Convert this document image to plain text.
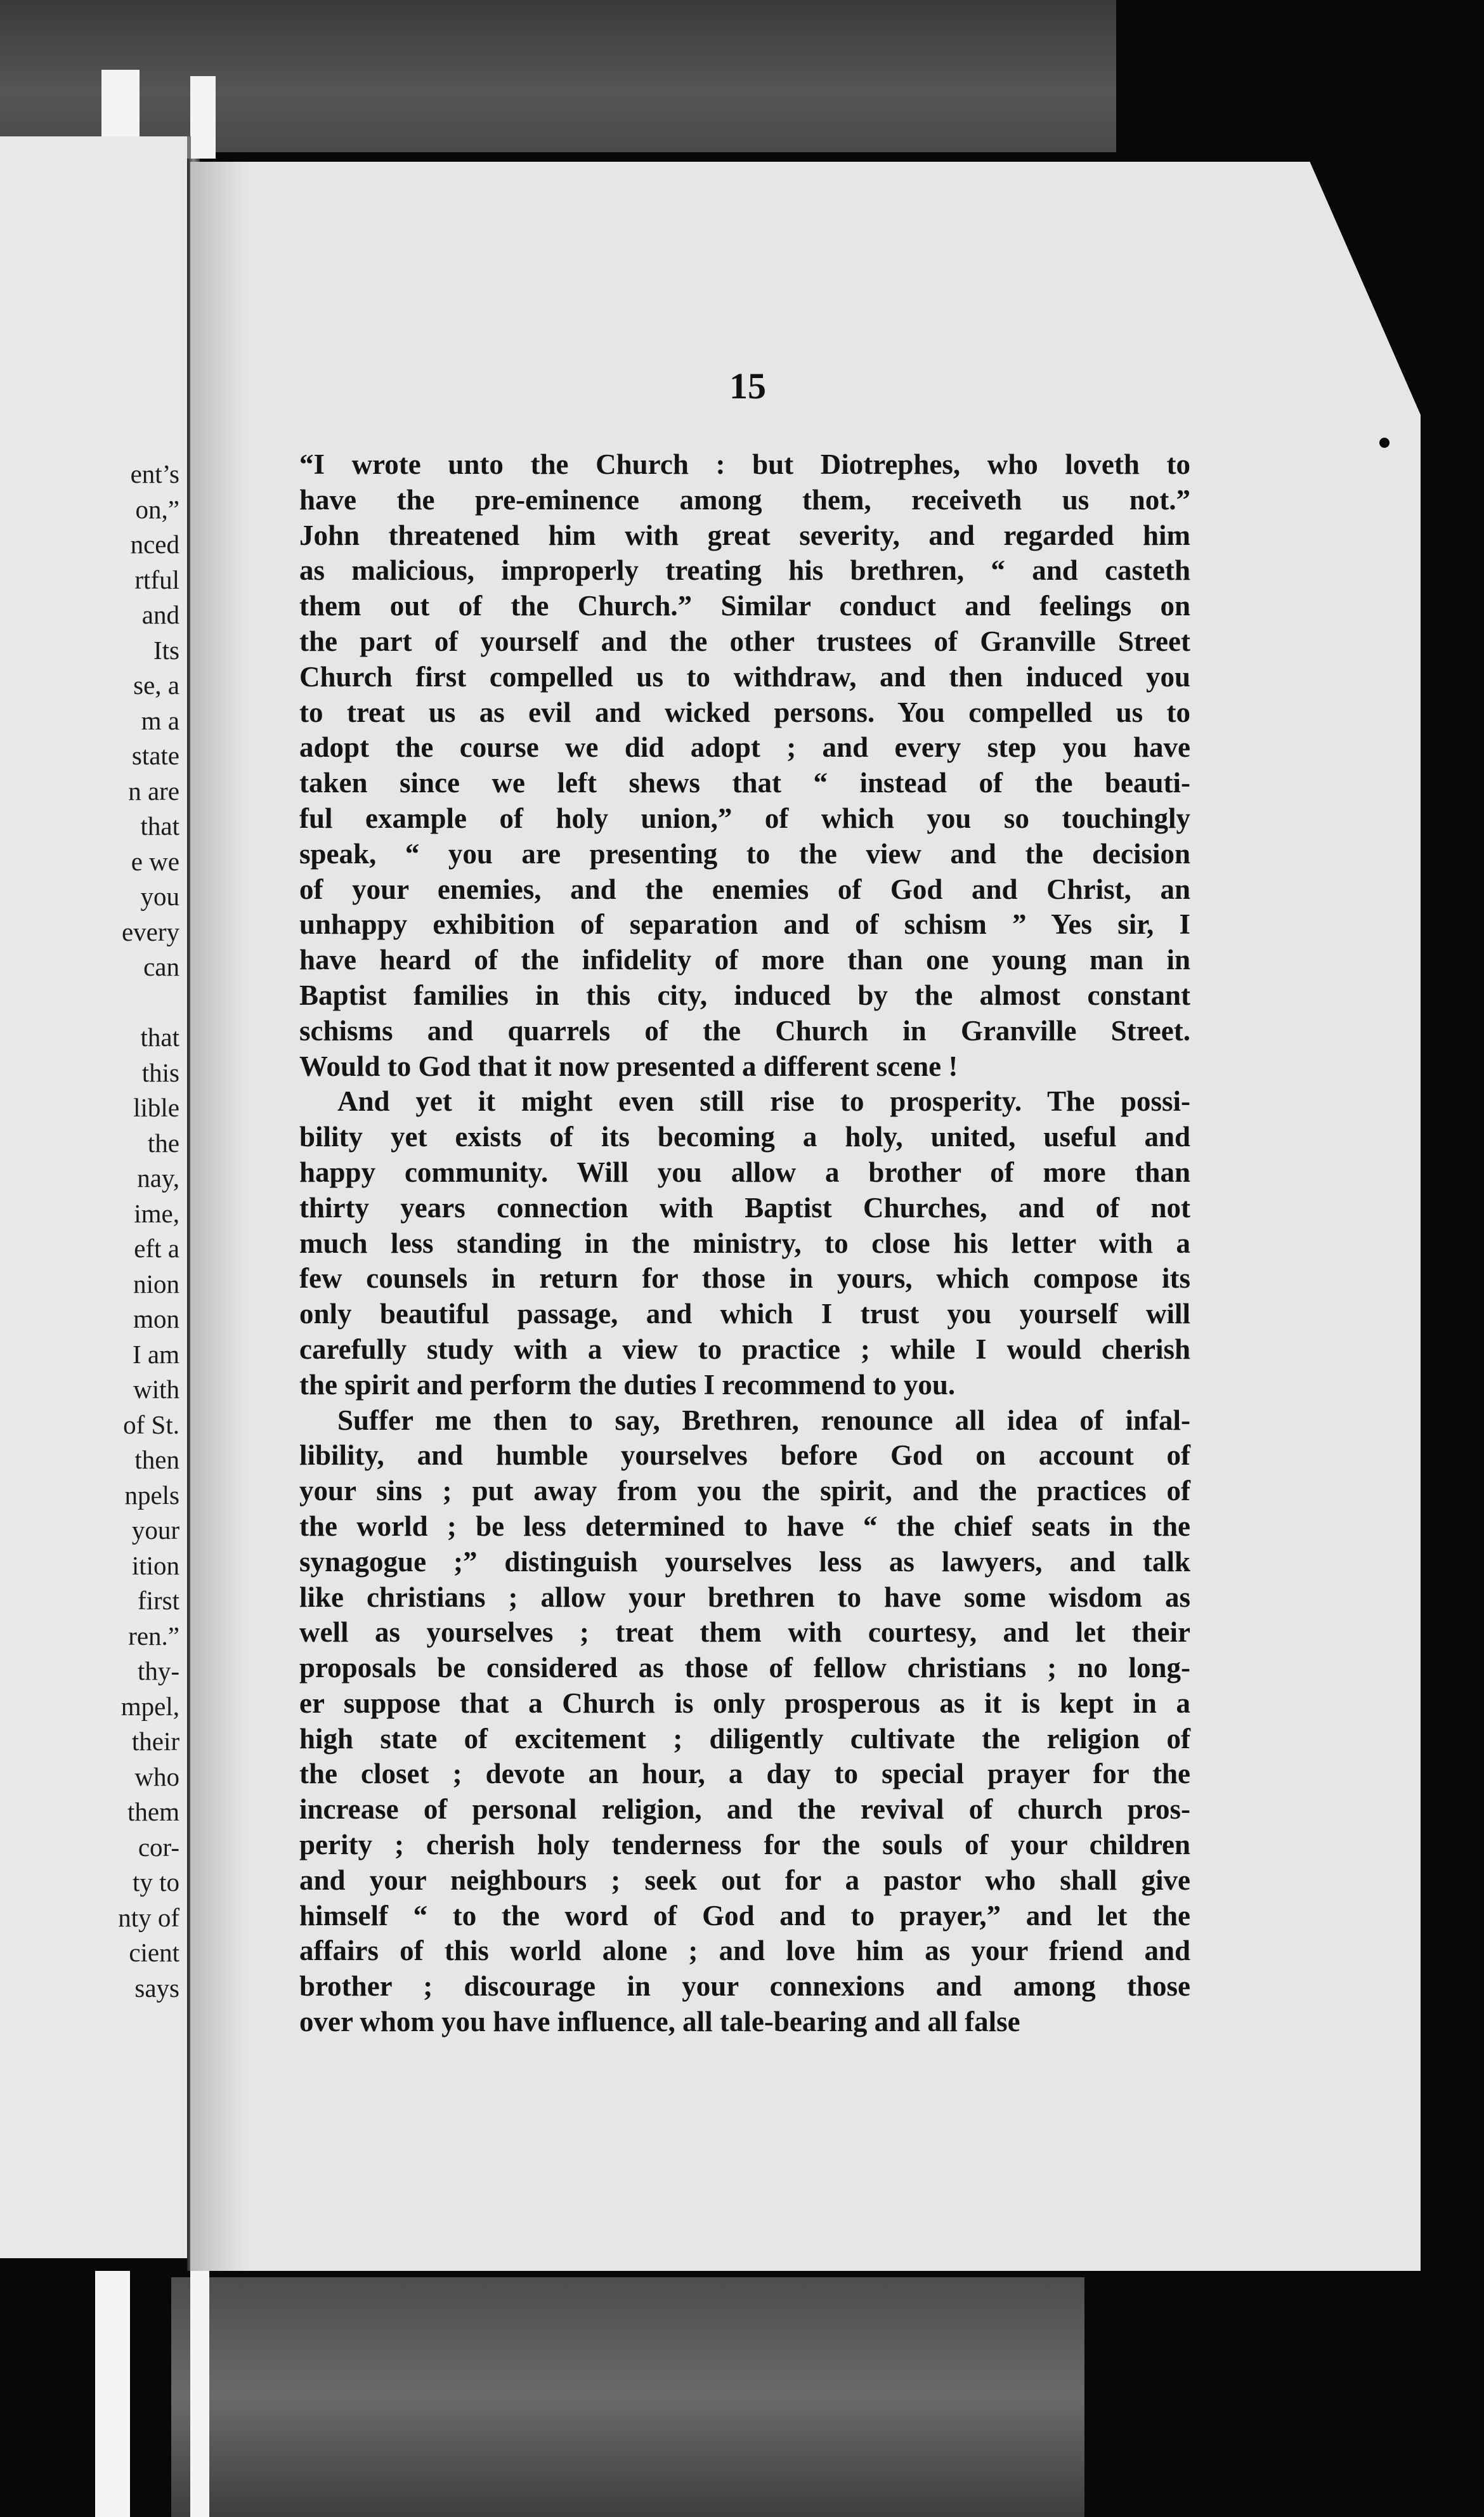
ent’s
on,”
nced
rtful
and
Its
se, a
m a
state
n are
that
e we
you
every
can
that
this
lible
the
nay,
ime,
eft a
nion
mon
I am
with
of St.
then
npels
your
ition
first
ren.”
thy-
mpel,
their
who
them
cor-
ty to
nty of
cient
says
15
“I wrote unto the Church : but Diotrephes, who loveth to
have the pre-eminence among them, receiveth us not.”
John threatened him with great severity, and regarded him
as malicious, improperly treating his brethren, “ and casteth
them out of the Church.” Similar conduct and feelings on
the part of yourself and the other trustees of Granville Street
Church first compelled us to withdraw, and then induced you
to treat us as evil and wicked persons. You compelled us to
adopt the course we did adopt ; and every step you have
taken since we left shews that “ instead of the beauti-
ful example of holy union,” of which you so touchingly
speak, “ you are presenting to the view and the decision
of your enemies, and the enemies of God and Christ, an
unhappy exhibition of separation and of schism ” Yes sir, I
have heard of the infidelity of more than one young man in
Baptist families in this city, induced by the almost constant
schisms and quarrels of the Church in Granville Street.
Would to God that it now presented a different scene !
And yet it might even still rise to prosperity. The possi-
bility yet exists of its becoming a holy, united, useful and
happy community. Will you allow a brother of more than
thirty years connection with Baptist Churches, and of not
much less standing in the ministry, to close his letter with a
few counsels in return for those in yours, which compose its
only beautiful passage, and which I trust you yourself will
carefully study with a view to practice ; while I would cherish
the spirit and perform the duties I recommend to you.
Suffer me then to say, Brethren, renounce all idea of infal-
libility, and humble yourselves before God on account of
your sins ; put away from you the spirit, and the practices of
the world ; be less determined to have “ the chief seats in the
synagogue ;” distinguish yourselves less as lawyers, and talk
like christians ; allow your brethren to have some wisdom as
well as yourselves ; treat them with courtesy, and let their
proposals be considered as those of fellow christians ; no long-
er suppose that a Church is only prosperous as it is kept in a
high state of excitement ; diligently cultivate the religion of
the closet ; devote an hour, a day to special prayer for the
increase of personal religion, and the revival of church pros-
perity ; cherish holy tenderness for the souls of your children
and your neighbours ; seek out for a pastor who shall give
himself “ to the word of God and to prayer,” and let the
affairs of this world alone ; and love him as your friend and
brother ; discourage in your connexions and among those
over whom you have influence, all tale-bearing and all false
